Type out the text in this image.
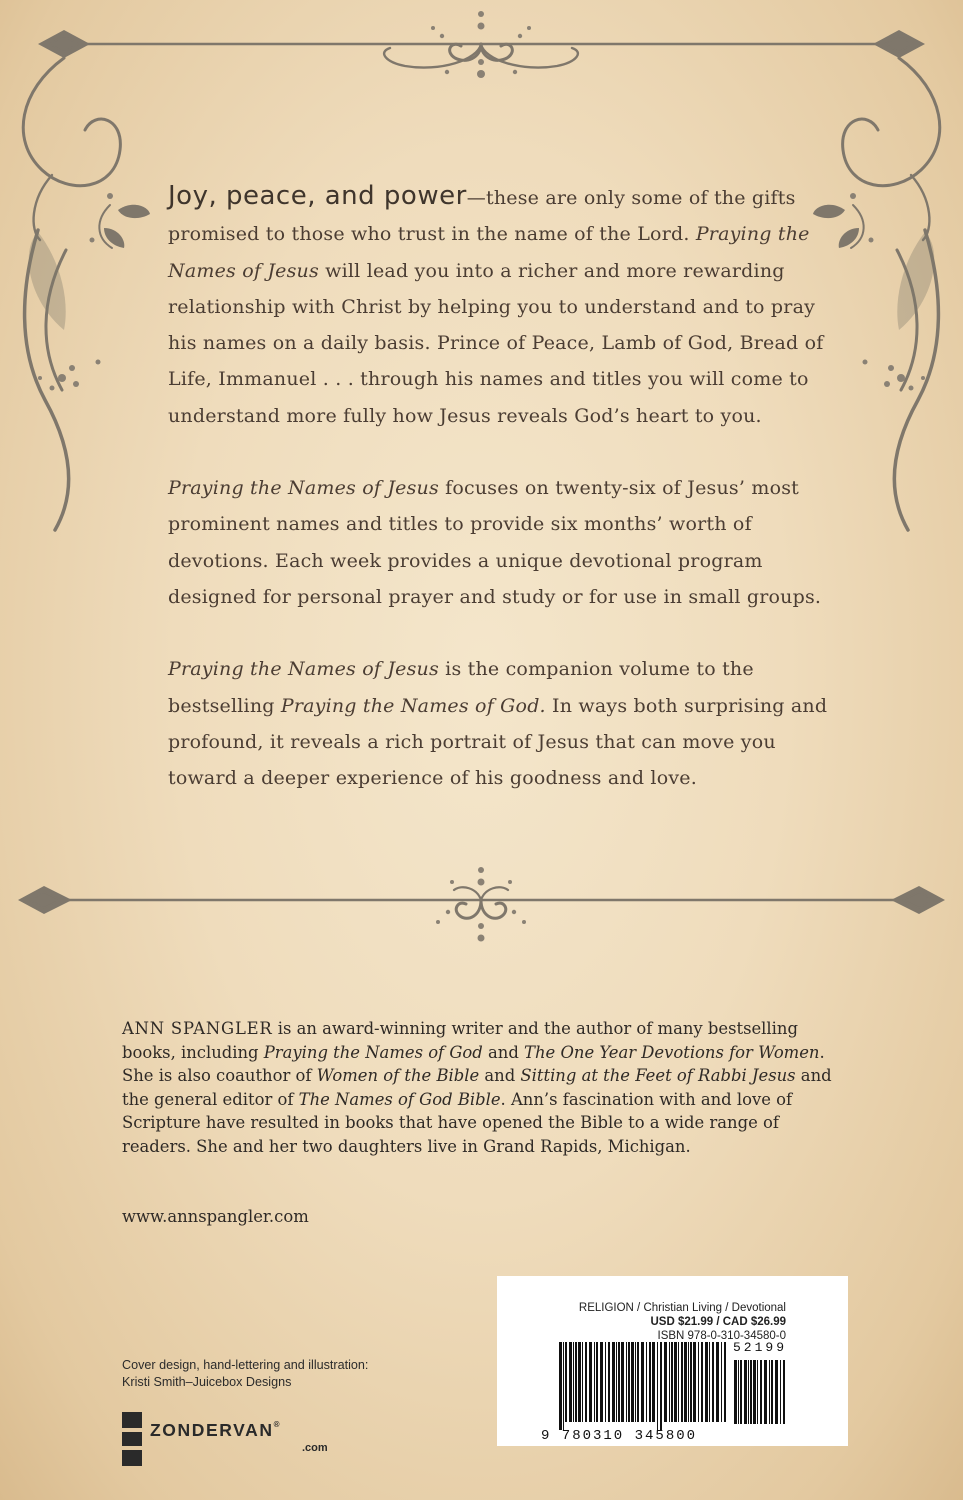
Joy, peace, and power—these are only some of the gifts promised to those who trust in the name of the Lord. Praying the Names of Jesus will lead you into a richer and more rewarding relationship with Christ by helping you to understand and to pray his names on a daily basis. Prince of Peace, Lamb of God, Bread of Life, Immanuel . . . through his names and titles you will come to understand more fully how Jesus reveals God’s heart to you.

Praying the Names of Jesus focuses on twenty-six of Jesus’ most prominent names and titles to provide six months’ worth of devotions. Each week provides a unique devotional program designed for personal prayer and study or for use in small groups.

Praying the Names of Jesus is the companion volume to the bestselling Praying the Names of God. In ways both surprising and profound, it reveals a rich portrait of Jesus that can move you toward a deeper experience of his goodness and love.

ANN SPANGLER is an award-winning writer and the author of many bestselling books, including Praying the Names of God and The One Year Devotions for Women. She is also coauthor of Women of the Bible and Sitting at the Feet of Rabbi Jesus and the general editor of The Names of God Bible. Ann’s fascination with and love of Scripture have resulted in books that have opened the Bible to a wide range of readers. She and her two daughters live in Grand Rapids, Michigan.

www.annspangler.com
Cover design, hand-lettering and illustration:
Kristi Smith–Juicebox Designs
ZONDERVAN®
.com
RELIGION / Christian Living / Devotional
USD $21.99 / CAD $26.99
ISBN 978-0-310-34580-0
52199
9 780310 345800
